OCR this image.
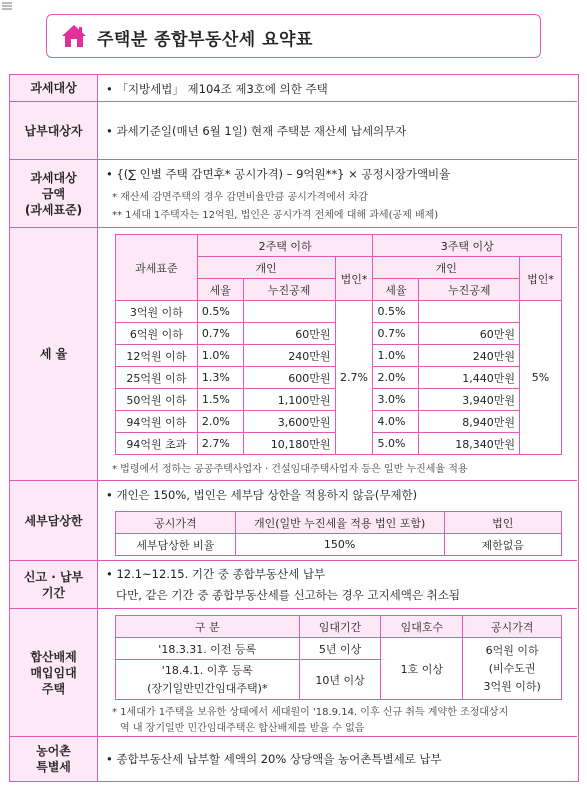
주택분 종합부동산세 요약표
과세대상	• 「지방세법」 제104조 제3호에 의한 주택
납부대상자	• 과세기준일(매년 6월 1일) 현재 주택분 재산세 납세의무자
과세대상
금액
(과세표준)
• {(∑ 인별 주택 감면후* 공시가격) – 9억원**} × 공정시장가액비율
* 재산세 감면주택의 경우 감면비율만큼 공시가격에서 차감
** 1세대 1주택자는 12억원, 법인은 공시가격 전체에 대해 과세(공제 배제)
세 율
과세표준	2주택 이하			3주택 이상		
	개인		법인*	개인		법인*
	세율	누진공제		세율	누진공제	
3억원 이하	0.5%		2.7%	0.5%		5%
6억원 이하	0.7%	60만원		0.7%	60만원	
12억원 이하	1.0%	240만원		1.0%	240만원	
25억원 이하	1.3%	600만원		2.0%	1,440만원	
50억원 이하	1.5%	1,100만원		3.0%	3,940만원	
94억원 이하	2.0%	3,600만원		4.0%	8,940만원	
94억원 초과	2.7%	10,180만원		5.0%	18,340만원	
* 법령에서 정하는 공공주택사업자 · 건설임대주택사업자 등은 일반 누진세율 적용
세부담상한
• 개인은 150%, 법인은 세부담 상한을 적용하지 않음(무제한)
공시가격	개인(일반 누진세율 적용 법인 포함)	법인
세부담상한 비율	150%	제한없음
신고 · 납부
기간
• 12.1~12.15. 기간 중 종합부동산세 납부
다만, 같은 기간 중 종합부동산세를 신고하는 경우 고지세액은 취소됨
합산배제
매입임대
주택
구 분	임대기간	임대호수	공시가격
'18.3.31. 이전 등록	5년 이상	1호 이상	6억원 이하
(비수도권
3억원 이하)

'18.4.1. 이후 등록
(장기일반민간임대주택)*	10년 이상		
* 1세대가 1주택을 보유한 상태에서 세대원이 '18.9.14. 이후 신규 취득 계약한 조정대상지
역 내 장기일반 민간임대주택은 합산배제를 받을 수 없음
농어촌
특별세
• 종합부동산세 납부할 세액의 20% 상당액을 농어촌특별세로 납부
